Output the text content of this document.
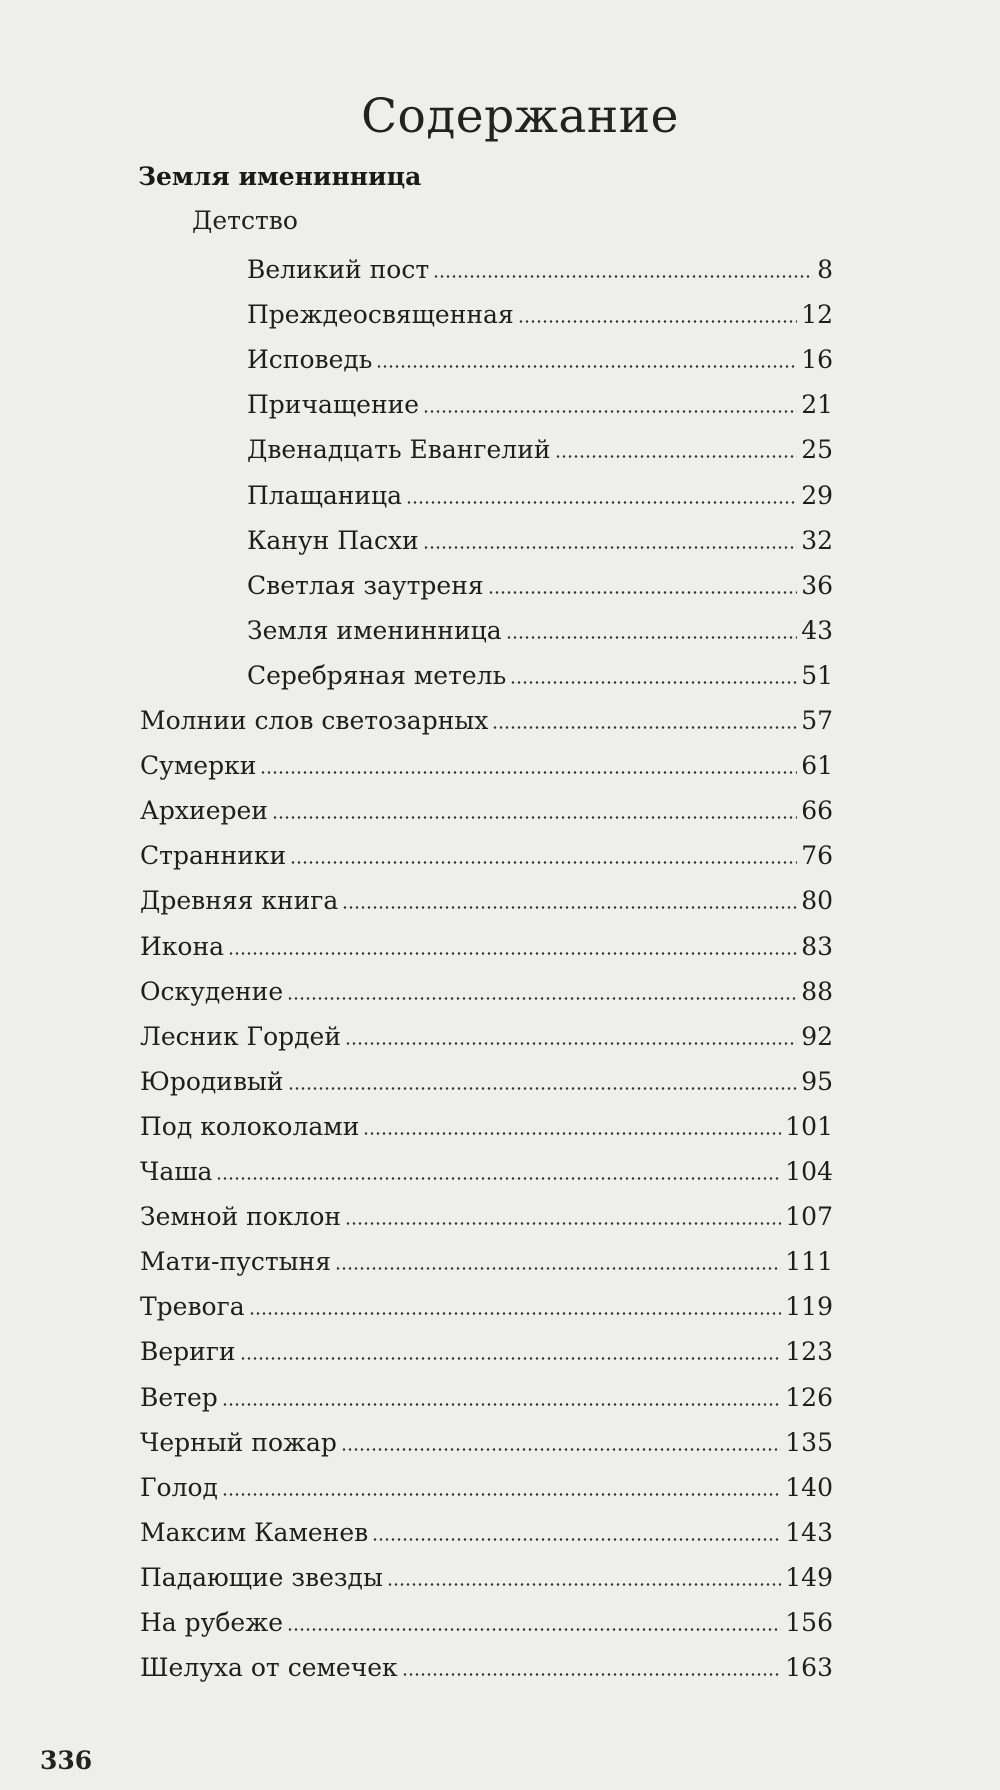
Содержание
Земля именинница
Детство
Великий пост	8
Преждеосвященная	12
Исповедь	16
Причащение	21
Двенадцать Евангелий	25
Плащаница	29
Канун Пасхи	32
Светлая заутреня	36
Земля именинница	43
Серебряная метель	51
Молнии слов светозарных	57
Сумерки	61
Архиереи	66
Странники	76
Древняя книга	80
Икона	83
Оскудение	88
Лесник Гордей	92
Юродивый	95
Под колоколами	101
Чаша	104
Земной поклон	107
Мати-пустыня	111
Тревога	119
Вериги	123
Ветер	126
Черный пожар	135
Голод	140
Максим Каменев	143
Падающие звезды	149
На рубеже	156
Шелуха от семечек	163
336
